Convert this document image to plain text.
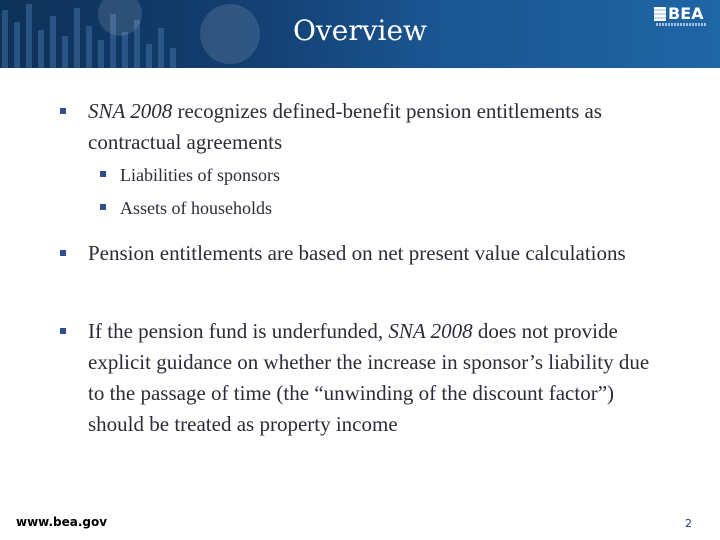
Overview
BEA
SNA 2008 recognizes defined-benefit pension entitlements as contractual agreements
Liabilities of sponsors
Assets of households
Pension entitlements are based on net present value calculations
If the pension fund is underfunded, SNA 2008 does not provide explicit guidance on whether the increase in sponsor’s liability due to the passage of time (the “unwinding of the discount factor”) should be treated as property income
www.bea.gov	2
